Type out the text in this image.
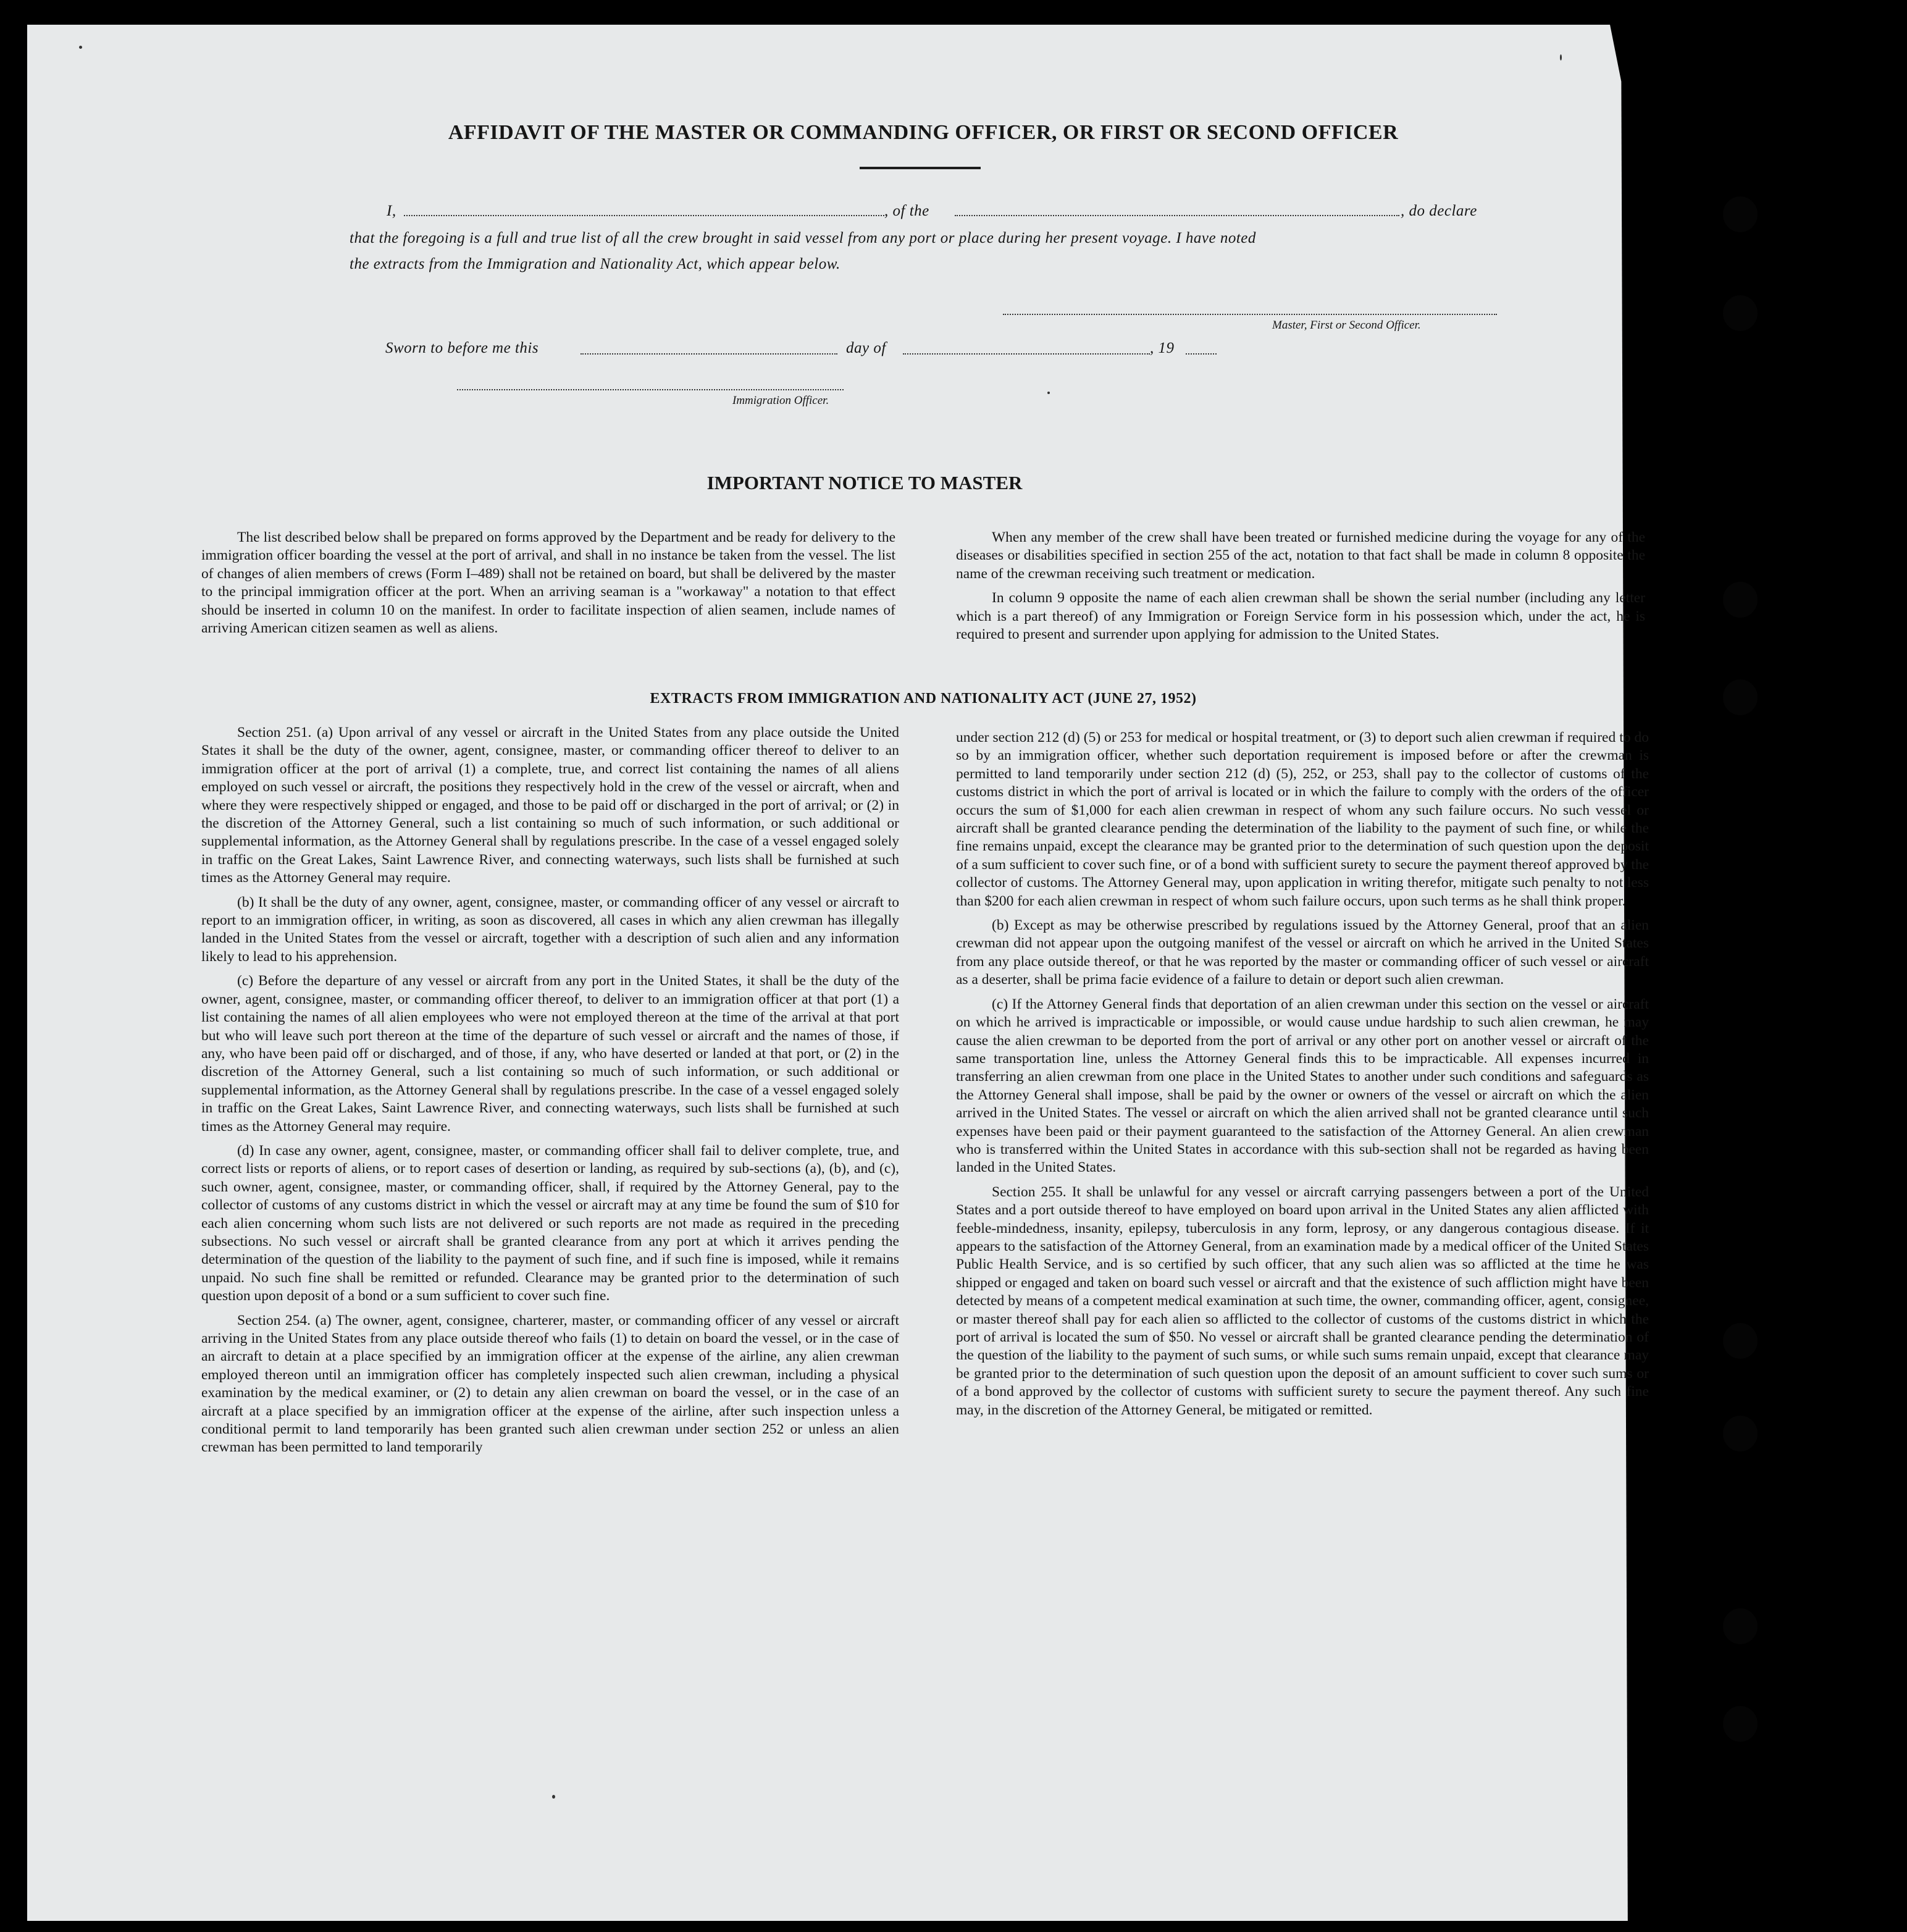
AFFIDAVIT OF THE MASTER OR COMMANDING OFFICER, OR FIRST OR SECOND OFFICER
I,	, of the	, do declare
that the foregoing is a full and true list of all the crew brought in said vessel from any port or place during her present voyage. I have noted
the extracts from the Immigration and Nationality Act, which appear below.
Master, First or Second Officer.
Sworn to before me this	day of	, 19
Immigration Officer.
IMPORTANT NOTICE TO MASTER

The list described below shall be prepared on forms approved by the Department and be ready for delivery to the immigration officer boarding the vessel at the port of arrival, and shall in no instance be taken from the vessel. The list of changes of alien members of crews (Form I–489) shall not be retained on board, but shall be delivered by the master to the principal immigration officer at the port. When an arriving seaman is a "workaway" a notation to that effect should be inserted in column 10 on the manifest. In order to facilitate inspection of alien seamen, include names of arriving American citizen seamen as well as aliens.

When any member of the crew shall have been treated or furnished medicine during the voyage for any of the diseases or disabilities specified in section 255 of the act, notation to that fact shall be made in column 8 opposite the name of the crewman receiving such treatment or medication.

In column 9 opposite the name of each alien crewman shall be shown the serial number (including any letter which is a part thereof) of any Immigration or Foreign Service form in his possession which, under the act, he is required to present and surrender upon applying for admission to the United States.

EXTRACTS FROM IMMIGRATION AND NATIONALITY ACT (JUNE 27, 1952)

Section 251. (a) Upon arrival of any vessel or aircraft in the United States from any place outside the United States it shall be the duty of the owner, agent, consignee, master, or commanding officer thereof to deliver to an immigration officer at the port of arrival (1) a complete, true, and correct list containing the names of all aliens employed on such vessel or aircraft, the positions they respectively hold in the crew of the vessel or aircraft, when and where they were respectively shipped or engaged, and those to be paid off or discharged in the port of arrival; or (2) in the discretion of the Attorney General, such a list containing so much of such information, or such additional or supplemental information, as the Attorney General shall by regulations prescribe. In the case of a vessel engaged solely in traffic on the Great Lakes, Saint Lawrence River, and connecting waterways, such lists shall be furnished at such times as the Attorney General may require.

(b) It shall be the duty of any owner, agent, consignee, master, or commanding officer of any vessel or aircraft to report to an immigration officer, in writing, as soon as discovered, all cases in which any alien crewman has illegally landed in the United States from the vessel or aircraft, together with a description of such alien and any information likely to lead to his apprehension.

(c) Before the departure of any vessel or aircraft from any port in the United States, it shall be the duty of the owner, agent, consignee, master, or commanding officer thereof, to deliver to an immigration officer at that port (1) a list containing the names of all alien employees who were not employed thereon at the time of the arrival at that port but who will leave such port thereon at the time of the departure of such vessel or aircraft and the names of those, if any, who have been paid off or discharged, and of those, if any, who have deserted or landed at that port, or (2) in the discretion of the Attorney General, such a list containing so much of such information, or such additional or supplemental information, as the Attorney General shall by regulations prescribe. In the case of a vessel engaged solely in traffic on the Great Lakes, Saint Lawrence River, and connecting waterways, such lists shall be furnished at such times as the Attorney General may require.

(d) In case any owner, agent, consignee, master, or commanding officer shall fail to deliver complete, true, and correct lists or reports of aliens, or to report cases of desertion or landing, as required by sub-sections (a), (b), and (c), such owner, agent, consignee, master, or commanding officer, shall, if required by the Attorney General, pay to the collector of customs of any customs district in which the vessel or aircraft may at any time be found the sum of $10 for each alien concerning whom such lists are not delivered or such reports are not made as required in the preceding subsections. No such vessel or aircraft shall be granted clearance from any port at which it arrives pending the determination of the question of the liability to the payment of such fine, and if such fine is imposed, while it remains unpaid. No such fine shall be remitted or refunded. Clearance may be granted prior to the determination of such question upon deposit of a bond or a sum sufficient to cover such fine.

Section 254. (a) The owner, agent, consignee, charterer, master, or commanding officer of any vessel or aircraft arriving in the United States from any place outside thereof who fails (1) to detain on board the vessel, or in the case of an aircraft to detain at a place specified by an immigration officer at the expense of the airline, any alien crewman employed thereon until an immigration officer has completely inspected such alien crewman, including a physical examination by the medical examiner, or (2) to detain any alien crewman on board the vessel, or in the case of an aircraft at a place specified by an immigration officer at the expense of the airline, after such inspection unless a conditional permit to land temporarily has been granted such alien crewman under section 252 or unless an alien crewman has been permitted to land temporarily

under section 212 (d) (5) or 253 for medical or hospital treatment, or (3) to deport such alien crewman if required to do so by an immigration officer, whether such deportation requirement is imposed before or after the crewman is permitted to land temporarily under section 212 (d) (5), 252, or 253, shall pay to the collector of customs of the customs district in which the port of arrival is located or in which the failure to comply with the orders of the officer occurs the sum of $1,000 for each alien crewman in respect of whom any such failure occurs. No such vessel or aircraft shall be granted clearance pending the determination of the liability to the payment of such fine, or while the fine remains unpaid, except the clearance may be granted prior to the determination of such question upon the deposit of a sum sufficient to cover such fine, or of a bond with sufficient surety to secure the payment thereof approved by the collector of customs. The Attorney General may, upon application in writing therefor, mitigate such penalty to not less than $200 for each alien crewman in respect of whom such failure occurs, upon such terms as he shall think proper.

(b) Except as may be otherwise prescribed by regulations issued by the Attorney General, proof that an alien crewman did not appear upon the outgoing manifest of the vessel or aircraft on which he arrived in the United States from any place outside thereof, or that he was reported by the master or commanding officer of such vessel or aircraft as a deserter, shall be prima facie evidence of a failure to detain or deport such alien crewman.

(c) If the Attorney General finds that deportation of an alien crewman under this section on the vessel or aircraft on which he arrived is impracticable or impossible, or would cause undue hardship to such alien crewman, he may cause the alien crewman to be deported from the port of arrival or any other port on another vessel or aircraft of the same transportation line, unless the Attorney General finds this to be impracticable. All expenses incurred in transferring an alien crewman from one place in the United States to another under such conditions and safeguards as the Attorney General shall impose, shall be paid by the owner or owners of the vessel or aircraft on which the alien arrived in the United States. The vessel or aircraft on which the alien arrived shall not be granted clearance until such expenses have been paid or their payment guaranteed to the satisfaction of the Attorney General. An alien crewman who is transferred within the United States in accordance with this sub-section shall not be regarded as having been landed in the United States.

Section 255. It shall be unlawful for any vessel or aircraft carrying passengers between a port of the United States and a port outside thereof to have employed on board upon arrival in the United States any alien afflicted with feeble-mindedness, insanity, epilepsy, tuberculosis in any form, leprosy, or any dangerous contagious disease. If it appears to the satisfaction of the Attorney General, from an examination made by a medical officer of the United States Public Health Service, and is so certified by such officer, that any such alien was so afflicted at the time he was shipped or engaged and taken on board such vessel or aircraft and that the existence of such affliction might have been detected by means of a competent medical examination at such time, the owner, commanding officer, agent, consignee, or master thereof shall pay for each alien so afflicted to the collector of customs of the customs district in which the port of arrival is located the sum of $50. No vessel or aircraft shall be granted clearance pending the determination of the question of the liability to the payment of such sums, or while such sums remain unpaid, except that clearance may be granted prior to the determination of such question upon the deposit of an amount sufficient to cover such sums or of a bond approved by the collector of customs with sufficient surety to secure the payment thereof. Any such fine may, in the discretion of the Attorney General, be mitigated or remitted.
